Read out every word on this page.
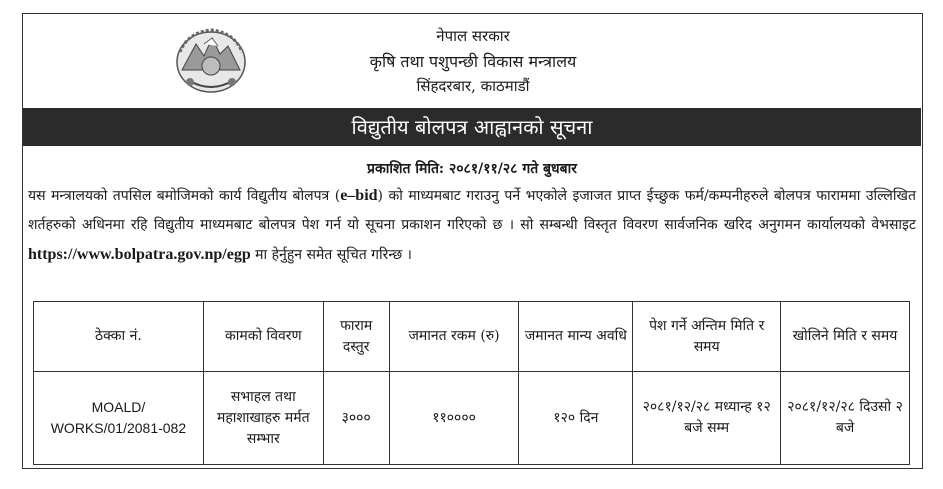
नेपाल सरकार
कृषि तथा पशुपन्छी विकास मन्त्रालय
सिंहदरबार, काठमाडौं
विद्युतीय बोलपत्र आह्वानको सूचना
प्रकाशित मिति: २०८१/११/२८ गते बुधबार
यस मन्त्रालयको तपसिल बमोजिमको कार्य विद्युतीय बोलपत्र (e–bid) को माध्यमबाट गराउनु पर्ने भएकोले इजाजत प्राप्त ईच्छुक फर्म/कम्पनीहरुले बोलपत्र फाराममा उल्लिखित शर्तहरुको अधिनमा रहि विद्युतीय माध्यमबाट बोलपत्र पेश गर्न यो सूचना प्रकाशन गरिएको छ । सो सम्बन्धी विस्तृत विवरण सार्वजनिक खरिद अनुगमन कार्यालयको वेभसाइट https://www.bolpatra.gov.np/egp मा हेर्नुहुन समेत सूचित गरिन्छ ।
ठेक्का नं.	कामको विवरण	फाराम दस्तुर	जमानत रकम (रु)	जमानत मान्य अवधि	पेश गर्ने अन्तिम मिति र समय	खोलिने मिति र समय
MOALD/ WORKS/01/2081-082	सभाहल तथा महाशाखाहरु मर्मत सम्भार	३०००	११००००	१२० दिन	२०८१/१२/२८ मध्यान्ह १२ बजे सम्म	२०८१/१२/२८ दिउसो २ बजे
